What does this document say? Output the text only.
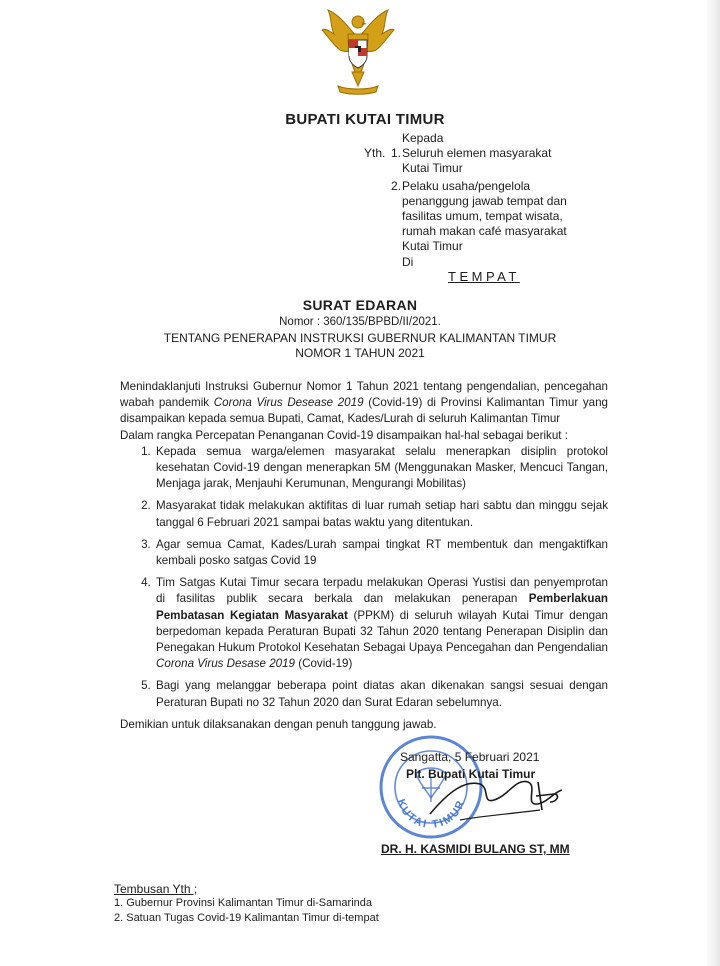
BUPATI KUTAI TIMUR
Kepada
Yth. 1. Seluruh elemen masyarakat
Kutai Timur
2. Pelaku usaha/pengelola
penanggung jawab tempat dan
fasilitas umum, tempat wisata,
rumah makan café masyarakat
Kutai Timur
Di
TEMPAT
SURAT EDARAN
Nomor : 360/135/BPBD/II/2021.
TENTANG PENERAPAN INSTRUKSI GUBERNUR KALIMANTAN TIMUR
NOMOR 1 TAHUN 2021

Menindaklanjuti Instruksi Gubernur Nomor 1 Tahun 2021 tentang pengendalian, pencegahan wabah pandemik Corona Virus Desease 2019 (Covid-19) di Provinsi Kalimantan Timur yang disampaikan kepada semua Bupati, Camat, Kades/Lurah di seluruh Kalimantan Timur

Dalam rangka Percepatan Penanganan Covid-19 disampaikan hal-hal sebagai berikut :

1. Kepada semua warga/elemen masyarakat selalu menerapkan disiplin protokol kesehatan Covid-19 dengan menerapkan 5M (Menggunakan Masker, Mencuci Tangan, Menjaga jarak, Menjauhi Kerumunan, Mengurangi Mobilitas)
2. Masyarakat tidak melakukan aktifitas di luar rumah setiap hari sabtu dan minggu sejak tanggal 6 Februari 2021 sampai batas waktu yang ditentukan.
3. Agar semua Camat, Kades/Lurah sampai tingkat RT membentuk dan mengaktifkan kembali posko satgas Covid 19
4. Tim Satgas Kutai Timur secara terpadu melakukan Operasi Yustisi dan penyemprotan di fasilitas publik secara berkala dan melakukan penerapan Pemberlakuan Pembatasan Kegiatan Masyarakat (PPKM) di seluruh wilayah Kutai Timur dengan berpedoman kepada Peraturan Bupati 32 Tahun 2020 tentang Penerapan Disiplin dan Penegakan Hukum Protokol Kesehatan Sebagai Upaya Pencegahan dan Pengendalian Corona Virus Desase 2019 (Covid-19)
5. Bagi yang melanggar beberapa point diatas akan dikenakan sangsi sesuai dengan Peraturan Bupati no 32 Tahun 2020 dan Surat Edaran sebelumnya.

Demikian untuk dilaksanakan dengan penuh tanggung jawab.

KUTAI TIMUR
Sangatta, 5 Februari 2021
Plt. Bupati Kutai Timur
DR. H. KASMIDI BULANG ST, MM
Tembusan Yth ;
1. Gubernur Provinsi Kalimantan Timur di-Samarinda
2. Satuan Tugas Covid-19 Kalimantan Timur di-tempat
